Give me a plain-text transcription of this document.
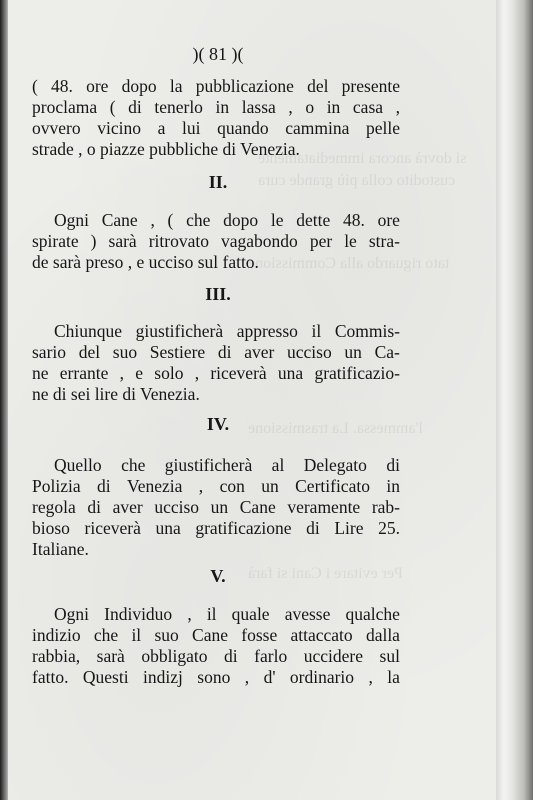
si dovrà ancora immediatamente
custodito colla più grande cura
tato riguardo alla Commissione
l'ammessa. La trasmissione
Per evitare i Cani si farà
)( 81 )(
( 48. ore dopo la pubblicazione del presente
proclama ( di tenerlo in lassa , o in casa ,
ovvero vicino a lui quando cammina pelle
strade , o piazze pubbliche di Venezia.
II.
Ogni Cane , ( che dopo le dette 48. ore
spirate ) sarà ritrovato vagabondo per le stra-
de sarà preso , e ucciso sul fatto.
III.
Chiunque giustificherà appresso il Commis-
sario del suo Sestiere di aver ucciso un Ca-
ne errante , e solo , riceverà una gratificazio-
ne di sei lire di Venezia.
IV.
Quello che giustificherà al Delegato di
Polizia di Venezia , con un Certificato in
regola di aver ucciso un Cane veramente rab-
bioso riceverà una gratificazione di Lire 25.
Italiane.
V.
Ogni Individuo , il quale avesse qualche
indizio che il suo Cane fosse attaccato dalla
rabbia, sarà obbligato di farlo uccidere sul
fatto. Questi indizj sono , d' ordinario , la
